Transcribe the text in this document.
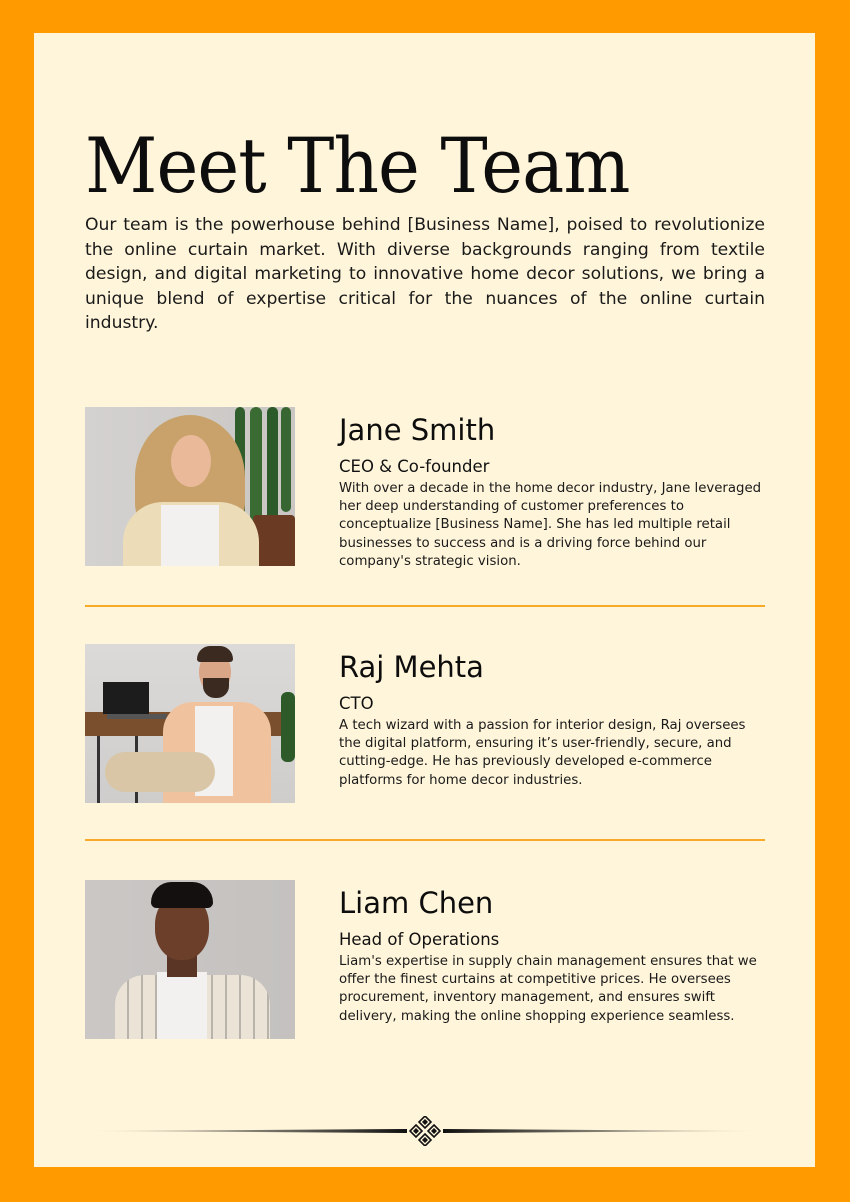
Meet The Team

Our team is the powerhouse behind [Business Name], poised to revolutionize the online curtain market. With diverse backgrounds ranging from textile design, and digital marketing to innovative home decor solutions, we bring a unique blend of expertise critical for the nuances of the online curtain industry.

Jane Smith
CEO & Co-founder
With over a decade in the home decor industry, Jane leveraged her deep understanding of customer preferences to conceptualize [Business Name]. She has led multiple retail businesses to success and is a driving force behind our company's strategic vision.
Raj Mehta
CTO
A tech wizard with a passion for interior design, Raj oversees the digital platform, ensuring it’s user-friendly, secure, and cutting-edge. He has previously developed e-commerce platforms for home decor industries.
Liam Chen
Head of Operations
Liam's expertise in supply chain management ensures that we offer the finest curtains at competitive prices. He oversees procurement, inventory management, and ensures swift delivery, making the online shopping experience seamless.
